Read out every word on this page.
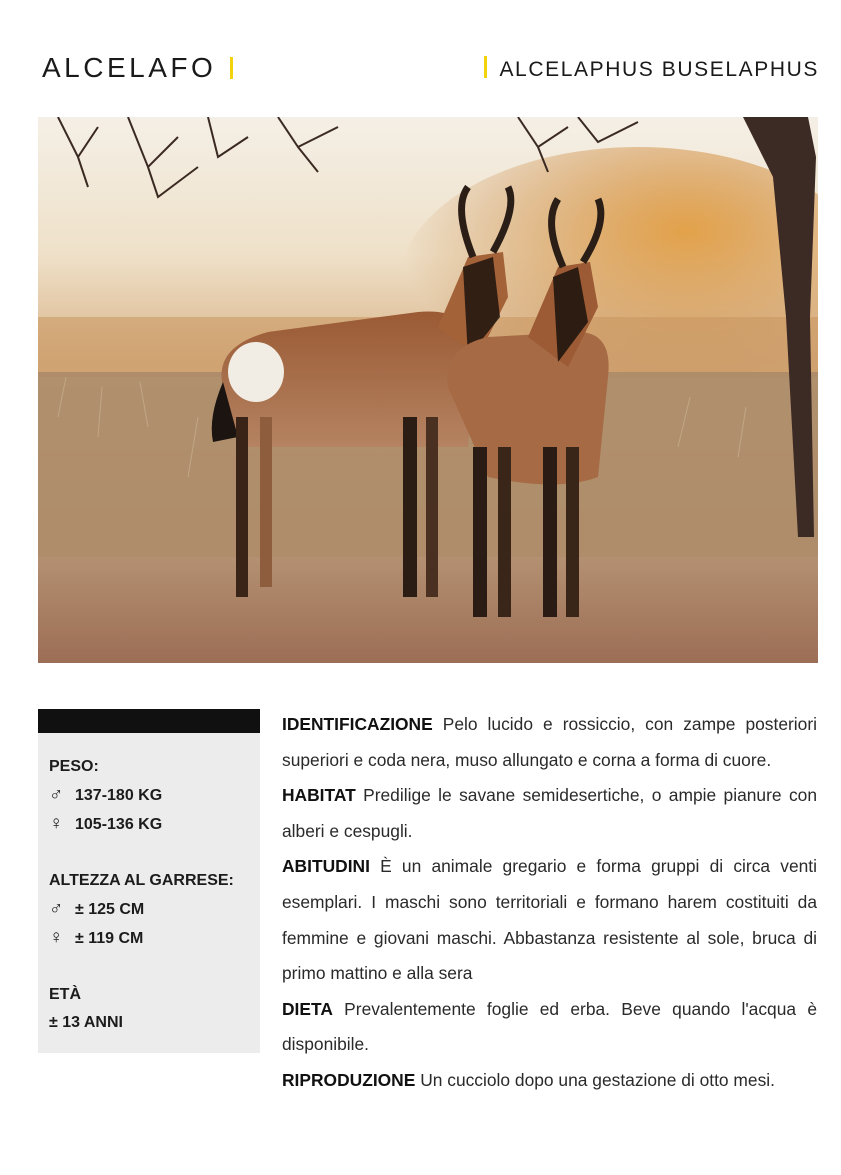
ALCELAFO	ALCELAPHUS BUSELAPHUS
PESO:
♂ 137-180 KG
♀ 105-136 KG
ALTEZZA AL GARRESE:
♂ ± 125 CM
♀ ± 119 CM
ETÀ
± 13 ANNI

IDENTIFICAZIONE Pelo lucido e rossiccio, con zampe posteriori superiori e coda nera, muso allungato e corna a forma di cuore.

HABITAT Predilige le savane semidesertiche, o ampie pianure con alberi e cespugli.

ABITUDINI È un animale gregario e forma gruppi di circa venti esemplari. I maschi sono territoriali e formano harem costituiti da femmine e giovani maschi. Abbastanza resistente al sole, bruca di primo mattino e alla sera

DIETA Prevalentemente foglie ed erba. Beve quando l'acqua è disponibile.

RIPRODUZIONE Un cucciolo dopo una gestazione di otto mesi.
